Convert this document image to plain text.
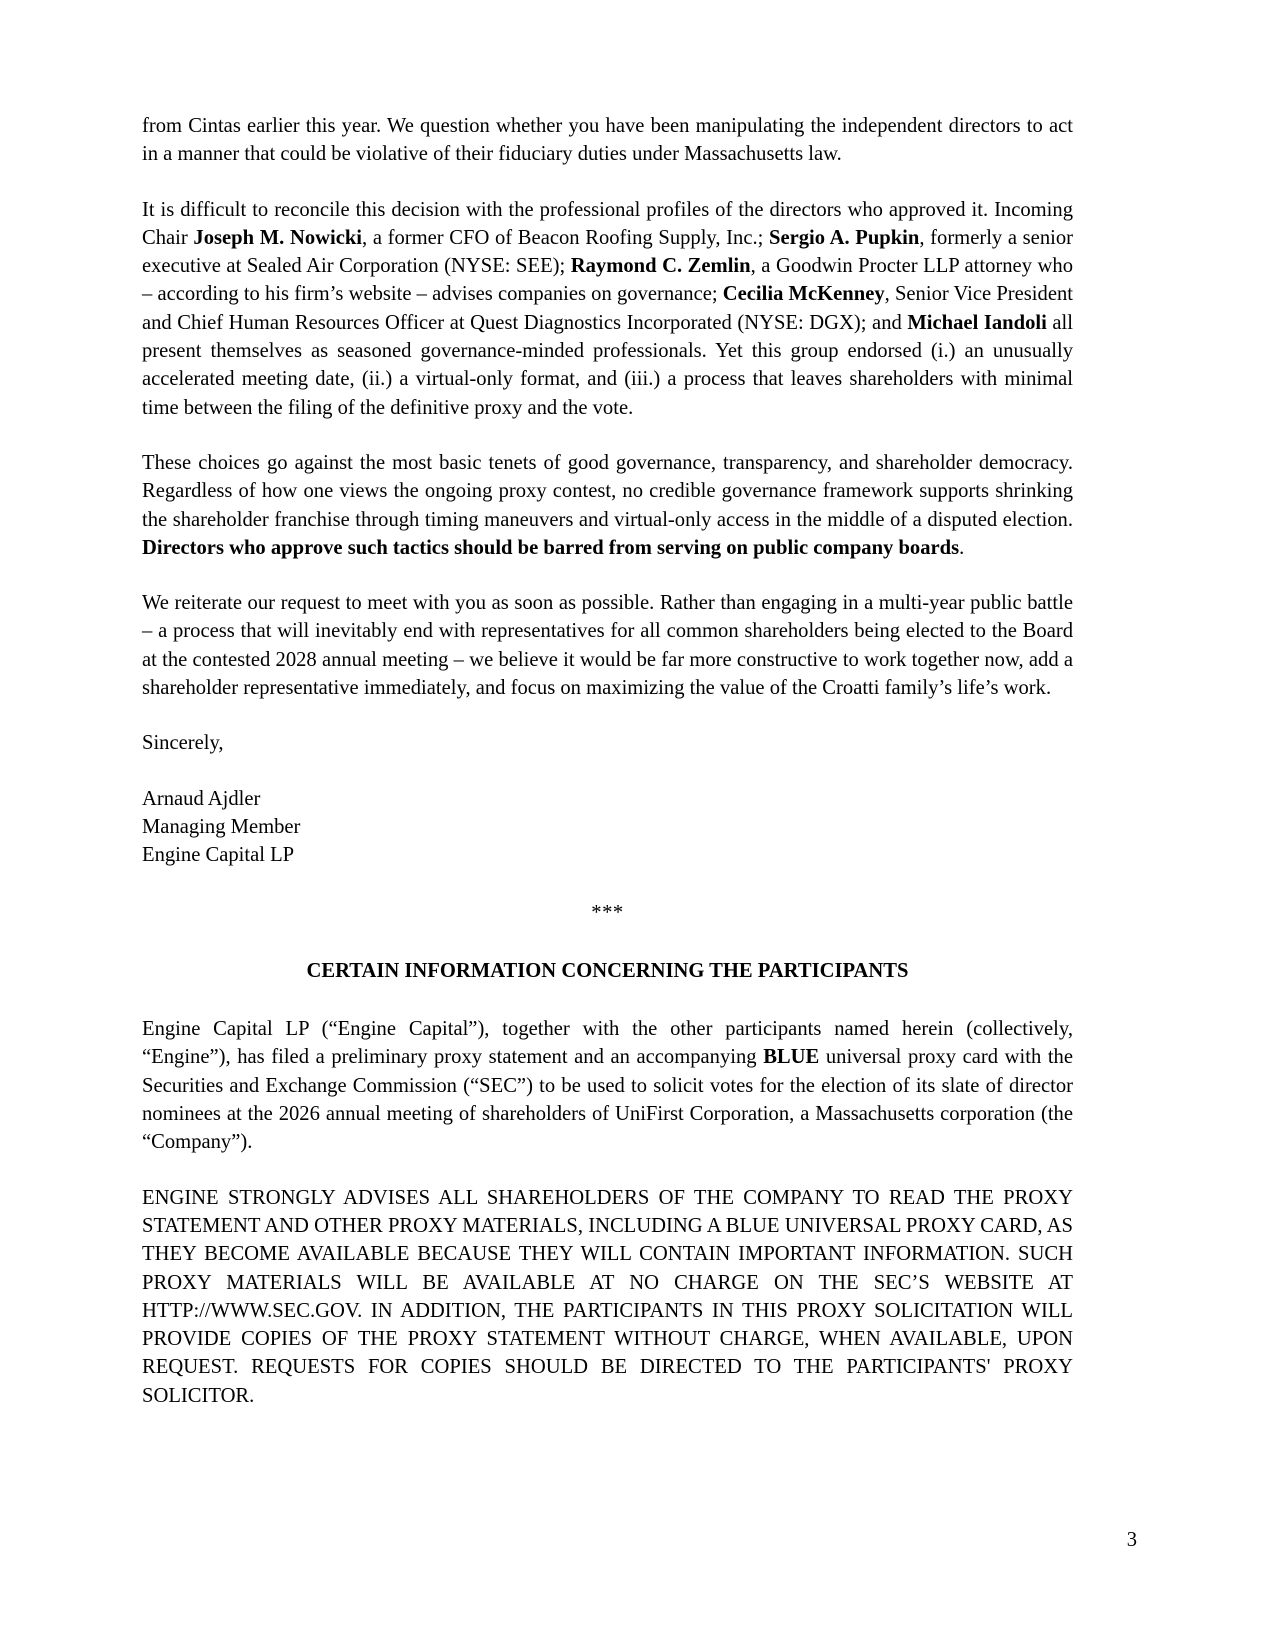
from Cintas earlier this year. We question whether you have been manipulating the independent directors to act in a manner that could be violative of their fiduciary duties under Massachusetts law.

It is difficult to reconcile this decision with the professional profiles of the directors who approved it. Incoming Chair Joseph M. Nowicki, a former CFO of Beacon Roofing Supply, Inc.; Sergio A. Pupkin, formerly a senior executive at Sealed Air Corporation (NYSE: SEE); Raymond C. Zemlin, a Goodwin Procter LLP attorney who – according to his firm’s website – advises companies on governance; Cecilia McKenney, Senior Vice President and Chief Human Resources Officer at Quest Diagnostics Incorporated (NYSE: DGX); and Michael Iandoli all present themselves as seasoned governance-minded professionals. Yet this group endorsed (i.) an unusually accelerated meeting date, (ii.) a virtual-only format, and (iii.) a process that leaves shareholders with minimal time between the filing of the definitive proxy and the vote.

These choices go against the most basic tenets of good governance, transparency, and shareholder democracy. Regardless of how one views the ongoing proxy contest, no credible governance framework supports shrinking the shareholder franchise through timing maneuvers and virtual-only access in the middle of a disputed election. Directors who approve such tactics should be barred from serving on public company boards.

We reiterate our request to meet with you as soon as possible. Rather than engaging in a multi-year public battle – a process that will inevitably end with representatives for all common shareholders being elected to the Board at the contested 2028 annual meeting – we believe it would be far more constructive to work together now, add a shareholder representative immediately, and focus on maximizing the value of the Croatti family’s life’s work.

Sincerely,

Arnaud Ajdler
Managing Member
Engine Capital LP
***
CERTAIN INFORMATION CONCERNING THE PARTICIPANTS

Engine Capital LP (“Engine Capital”), together with the other participants named herein (collectively, “Engine”), has filed a preliminary proxy statement and an accompanying BLUE universal proxy card with the Securities and Exchange Commission (“SEC”) to be used to solicit votes for the election of its slate of director nominees at the 2026 annual meeting of shareholders of UniFirst Corporation, a Massachusetts corporation (the “Company”).

ENGINE STRONGLY ADVISES ALL SHAREHOLDERS OF THE COMPANY TO READ THE PROXY STATEMENT AND OTHER PROXY MATERIALS, INCLUDING A BLUE UNIVERSAL PROXY CARD, AS THEY BECOME AVAILABLE BECAUSE THEY WILL CONTAIN IMPORTANT INFORMATION. SUCH PROXY MATERIALS WILL BE AVAILABLE AT NO CHARGE ON THE SEC’S WEBSITE AT HTTP://WWW.SEC.GOV. IN ADDITION, THE PARTICIPANTS IN THIS PROXY SOLICITATION WILL PROVIDE COPIES OF THE PROXY STATEMENT WITHOUT CHARGE, WHEN AVAILABLE, UPON REQUEST. REQUESTS FOR COPIES SHOULD BE DIRECTED TO THE PARTICIPANTS' PROXY SOLICITOR.

3
